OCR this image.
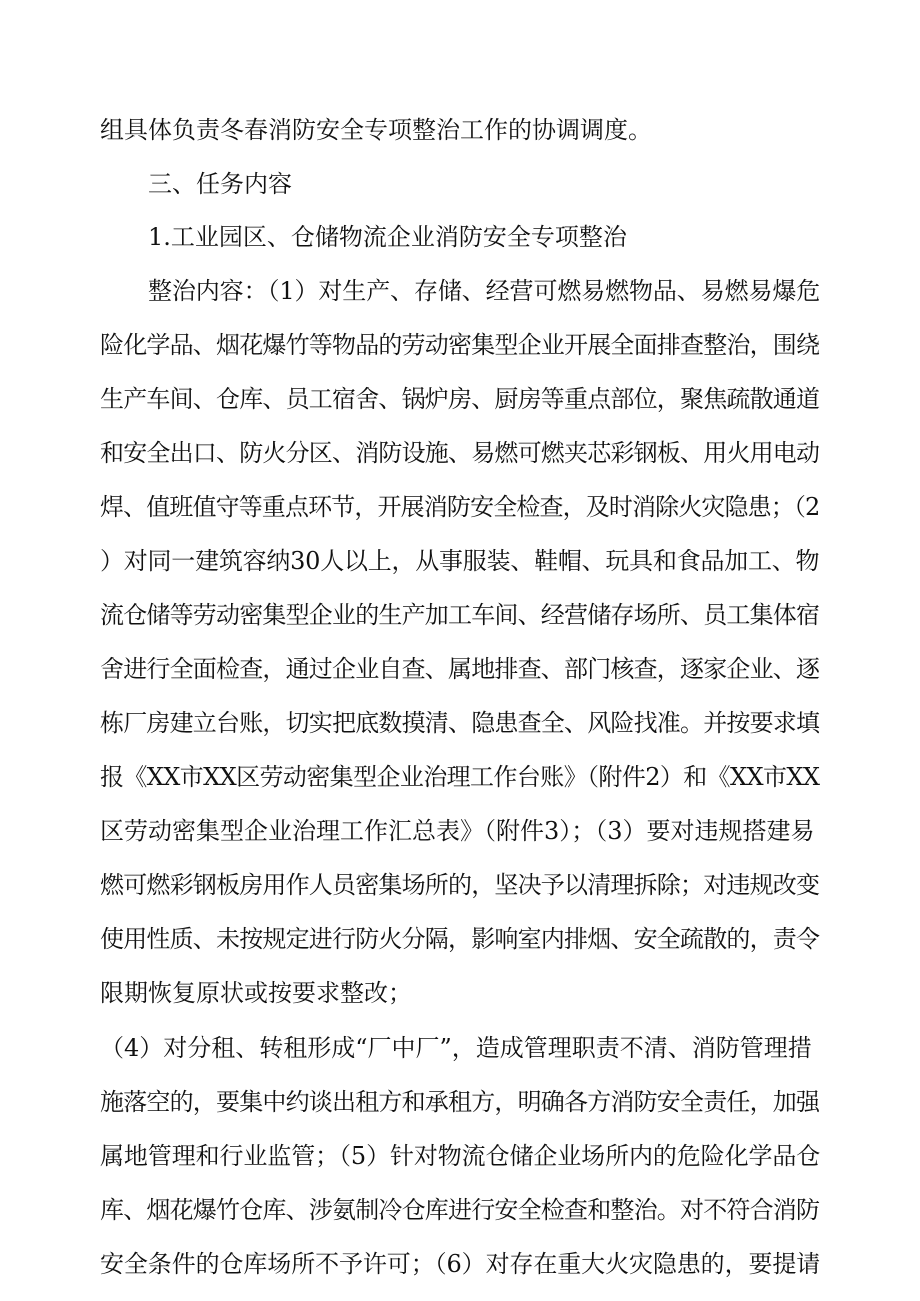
组具体负责冬春消防安全专项整治工作的协调调度。
三、任务内容
1.工业园区、仓储物流企业消防安全专项整治
整治内容：（1）对生产、存储、经营可燃易燃物品、易燃易爆危
险化学品、烟花爆竹等物品的劳动密集型企业开展全面排查整治，围绕
生产车间、仓库、员工宿舍、锅炉房、厨房等重点部位，聚焦疏散通道
和安全出口、防火分区、消防设施、易燃可燃夹芯彩钢板、用火用电动
焊、值班值守等重点环节，开展消防安全检查，及时消除火灾隐患；（2
）对同一建筑容纳30人以上，从事服装、鞋帽、玩具和食品加工、物
流仓储等劳动密集型企业的生产加工车间、经营储存场所、员工集体宿
舍进行全面检查，通过企业自查、属地排查、部门核查，逐家企业、逐
栋厂房建立台账，切实把底数摸清、隐患查全、风险找准。并按要求填
报《XX市XX区劳动密集型企业治理工作台账》（附件2）和《XX市XX
区劳动密集型企业治理工作汇总表》（附件3）；（3）要对违规搭建易
燃可燃彩钢板房用作人员密集场所的，坚决予以清理拆除；对违规改变
使用性质、未按规定进行防火分隔，影响室内排烟、安全疏散的，责令
限期恢复原状或按要求整改；
（4）对分租、转租形成“厂中厂”，造成管理职责不清、消防管理措
施落空的，要集中约谈出租方和承租方，明确各方消防安全责任，加强
属地管理和行业监管；（5）针对物流仓储企业场所内的危险化学品仓
库、烟花爆竹仓库、涉氨制冷仓库进行安全检查和整治。对不符合消防
安全条件的仓库场所不予许可；（6）对存在重大火灾隐患的，要提请
